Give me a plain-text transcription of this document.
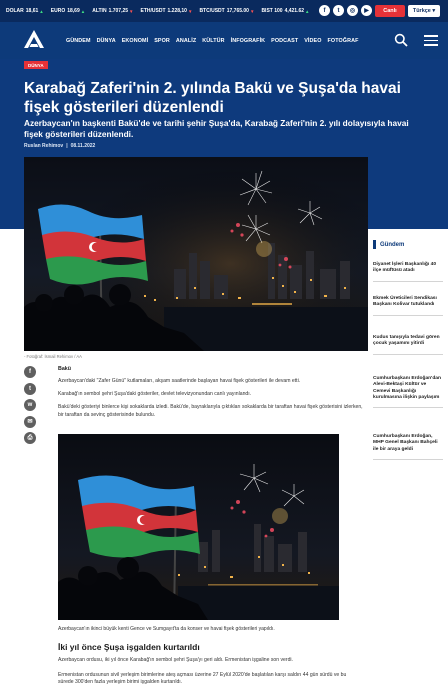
DOLAR 18,61 ▲ EURO 18,69 ▲ ALTIN 1.707,25 ▼ ETH/USDT 1.228,10 ▼ BTC/USDT 17,765.00 ▼ BIST 100 4,421.62 ▲	f	t	◎	▶	Canlı	Türkçe
▾
GÜNDEM DÜNYA EKONOMİ SPOR ANALİZ KÜLTÜR İNFOGRAFİK PODCAST VİDEO FOTOĞRAF
DÜNYA
Karabağ Zaferi'nin 2. yılında Bakü ve Şuşa'da havai fişek gösterileri düzenlendi

Azerbaycan'ın başkenti Bakü'de ve tarihi şehir Şuşa'da, Karabağ Zaferi'nin 2. yılı dolayısıyla havai fişek gösterileri düzenlendi.

Ruslan Rehimov | 08.11.2022
- Fotoğraf: İsmail Rehimov / AA
Gündem
Diyanet İşleri Başkanlığı 40 ilçe müftüsü atadı
Ekmek Üreticileri Sendikası Başkanı Kolivar tutuklandı
Kudus tanışıyla tedavi gören çocuk yaşamını yitirdi
Cumhurbaşkanı Erdoğan'dan Alevi-Bektaşi Kültür ve Cemevi Başkanlığı kurulmasına ilişkin paylaşım
Cumhurbaşkanı Erdoğan, MHP Genel Başkanı Bahçeli ile bir araya geldi
f
t
w
✉
⎙
Bakü

Azerbaycan'daki "Zafer Günü" kutlamaları, akşam saatlerinde başlayan havai fişek gösterileri ile devam etti.

Karabağ'ın sembol şehri Şuşa'daki gösteriler, devlet televizyonundan canlı yayınlandı.

Bakü'deki gösteriyi binlerce kişi sokaklarda izledi. Bakü'de, bayraklarıyla çıktıkları sokaklarda bir taraftan havai fişek gösterisini izlerken, bir taraftan da sevinç gösterisinde bulundu.

Azerbaycan'ın ikinci büyük kenti Gence ve Sumgayıt'ta da konser ve havai fişek gösterileri yapıldı.
İki yıl önce Şuşa işgalden kurtarıldı

Azerbaycan ordusu, iki yıl önce Karabağ'ın sembol şehri Şuşa'yı geri aldı. Ermenistan işgaline son verdi.

Ermenistan ordusunun sivil yerleşim birimlerine ateş açması üzerine 27 Eylül 2020'de başlatılan karşı saldırı 44 gün sürdü ve bu sürede 300'den fazla yerleşim birimi işgalden kurtarıldı.
